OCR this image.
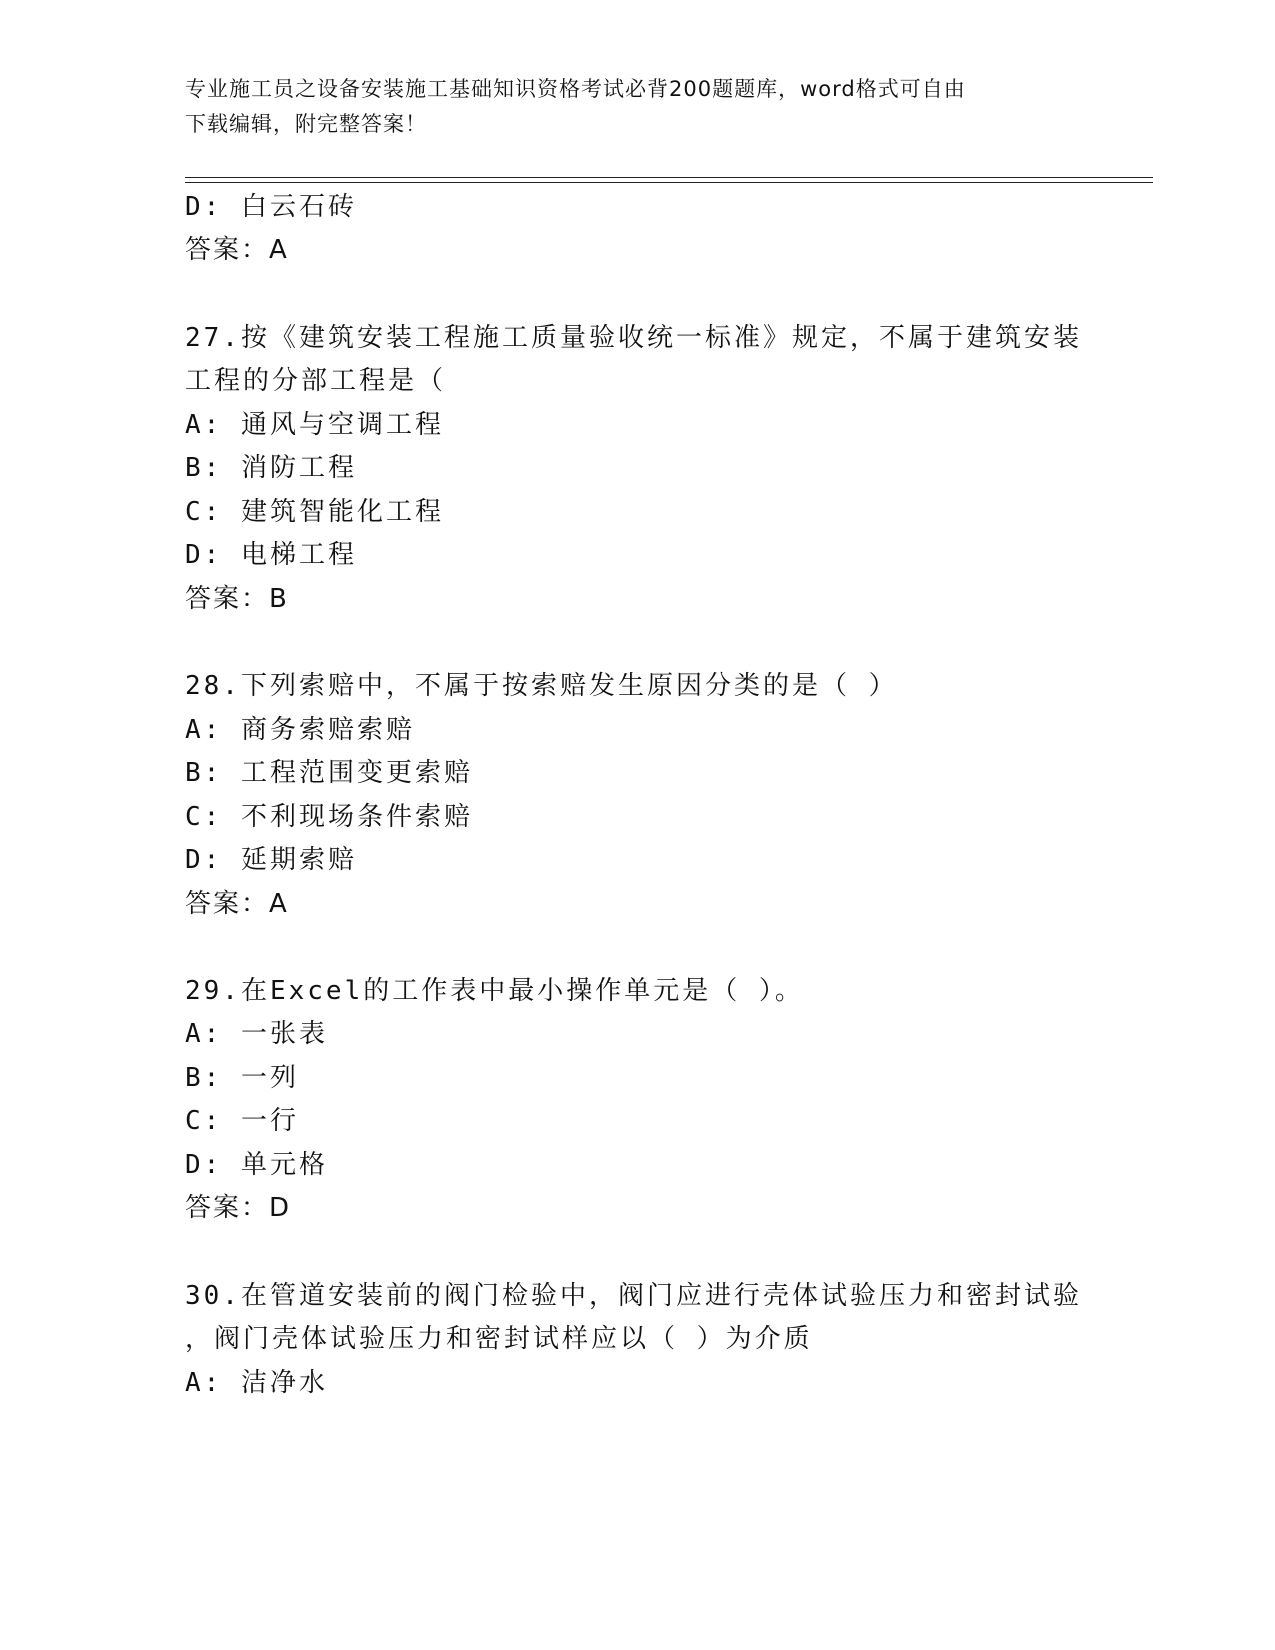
专业施工员之设备安装施工基础知识资格考试必背200题题库，word格式可自由
下载编辑，附完整答案！
D: 白云石砖
答案：A
27.按《建筑安装工程施工质量验收统一标准》规定，不属于建筑安装
工程的分部工程是（
A: 通风与空调工程
B: 消防工程
C: 建筑智能化工程
D: 电梯工程
答案：B
28.下列索赔中，不属于按索赔发生原因分类的是（ ）
A: 商务索赔索赔
B: 工程范围变更索赔
C: 不利现场条件索赔
D: 延期索赔
答案：A
29.在Excel的工作表中最小操作单元是（ ）。
A: 一张表
B: 一列
C: 一行
D: 单元格
答案：D
30.在管道安装前的阀门检验中，阀门应进行壳体试验压力和密封试验
，阀门壳体试验压力和密封试样应以（ ）为介质
A: 洁净水
